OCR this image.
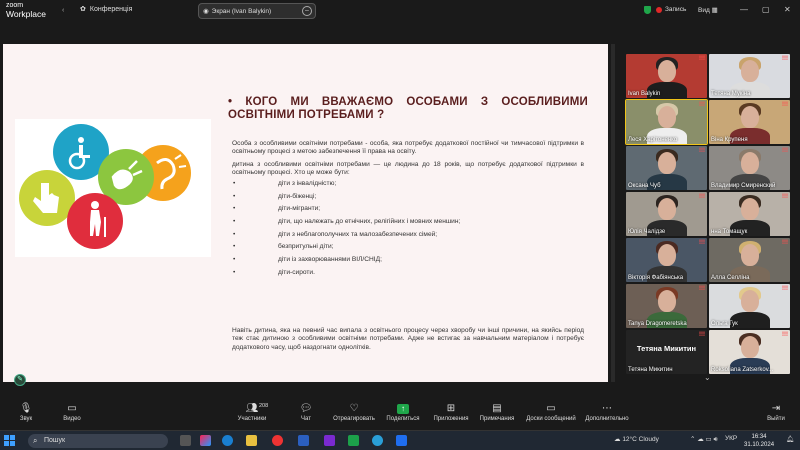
zoom
Workplace ‹ ✿ Конференція	◉ Экран (Ivan Balykin)	–	Запись Вид ▦	— ▢ ✕
• КОГО МИ ВВАЖАЄМО ОСОБАМИ З ОСОБЛИВИМИ ОСВІТНІМИ ПОТРЕБАМИ ?

Особа з особливими освітніми потребами - особа, яка потребує додаткової постійної чи тимчасової підтримки в освітньому процесі з метою забезпечення її права на освіту.

дитина з особливими освітніми потребами — це людина до 18 років, що потребує додаткової підтримки в освітньому процесі. Хто це може бути:

• діти з інвалідністю;
• діти-біженці;
• діти-мігранти;
• діти, що належать до етнічних, релігійних і мовних меншин;
• діти з неблагополучних та малозабезпечених сімей;
• безпритульні діти;
• діти із захворюваннями ВІЛ/СНІД;
• діти-сироти.

Навіть дитина, яка на певний час випала з освітнього процесу через хворобу чи інші причини, на якийсь період теж стає дитиною з особливими освітніми потребами. Адже не встигає за навчальним матеріалом і потребує додаткового часу, щоб наздогнати однолітків.

✎
!!!
Ivan Balykin
!!!
Тетяна Мукіна
!!!
Леся Харітоненко
!!!
Віна Крупеня
!!!
Оксана Чуб
!!!
Владимир Смиренский
!!!
Юлія Чалідзе
!!!
нна Томащук
!!!
Вікторія Фабіянська
!!!
Алла Селліна
!!!
Tanya Dragomeretska
!!!
Ольга Гук
Тетяна Микитин
!!!
Тетяна Микитин
!!!
Roksoliana Zatserkov...
⌄
🎙︎
Звук
▭
Видео
👥︎ 208
Участники
💬︎
Чат
♡
Отреагировать
↑
Поделиться
⊞
Приложения
▤
Примечания
▭
Доски сообщений
⋯
Дополнительно
⇥
Выйти
⌕ Пошук	☁ 12°C Cloudy	⌃ ☁ ▭ 🔊︎ УКР	16:34
31.10.2024
🔔︎
